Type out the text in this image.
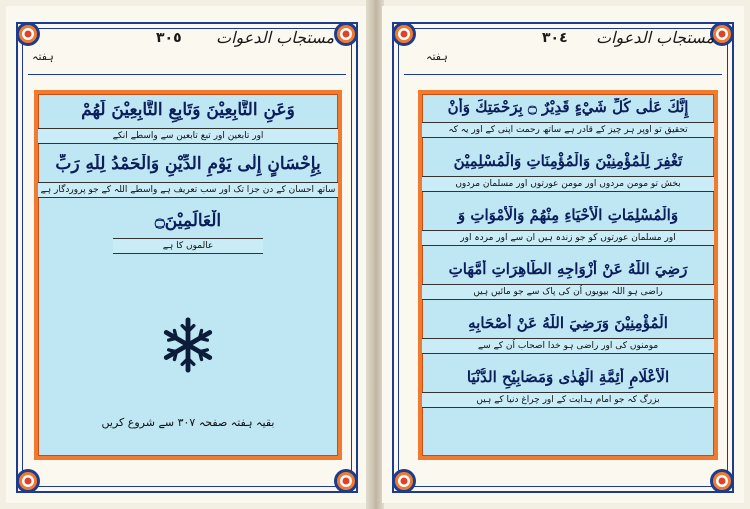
٣٠٥ مستجاب الدعوات
ہفتہ
وَعَنِ التَّابِعِيْنَ وَتَابِعِ التَّابِعِيْنَ لَهُمْ
اور تابعین اور تبع تابعین سے واسطے انکے
بِإِحْسَانٍ إِلٰى يَوْمِ الدِّيْنِ وَالْحَمْدُ لِلّٰهِ رَبِّ
ساتھ احسان کے دن جزا تک اور سب تعریف ہے واسطے اللہ کے جو پروردگار ہے
الْعَالَمِيْنَ۝
عالموں کا ہے
بقیہ ہفتہ صفحہ ۳۰۷ سے شروع کریں
٣٠٤ مستجاب الدعوات
ہفتہ
إِنَّكَ عَلٰى كُلِّ شَيْءٍ قَدِيْرٌ ۝ بِرَحْمَتِكَ وَأَنْ
تحقیق تو اوپر ہر چیز کے قادر ہے ساتھ رحمت اپنی کے اور یہ کہ
تَغْفِرَ لِلْمُؤْمِنِيْنَ وَالْمُؤْمِنَاتِ وَالْمُسْلِمِيْنَ
بخش تو مومن مردوں اور مومن عورتوں اور مسلمان مردوں
وَالْمُسْلِمَاتِ الْأَحْيَاءِ مِنْهُمْ وَالْأَمْوَاتِ وَ
اور مسلمان عورتوں کو جو زندہ ہیں ان سے اور مردہ اور
رَضِيَ اللّٰهُ عَنْ أَزْوَاجِهِ الطَّاهِرَاتِ أُمَّهَاتِ
راضی ہو اللہ بیویوں اُن کی پاک سے جو مائیں ہیں
الْمُؤْمِنِيْنَ وَرَضِيَ اللّٰهُ عَنْ أَصْحَابِهِ
مومنوں کی اور راضی ہو خدا اصحاب اُن کے سے
الْأَعْلَامِ أَئِمَّةِ الْهُدٰى وَمَصَابِيْحِ الدُّنْيَا
بزرگ کہ جو امام ہدایت کے اور چراغ دنیا کے ہیں
